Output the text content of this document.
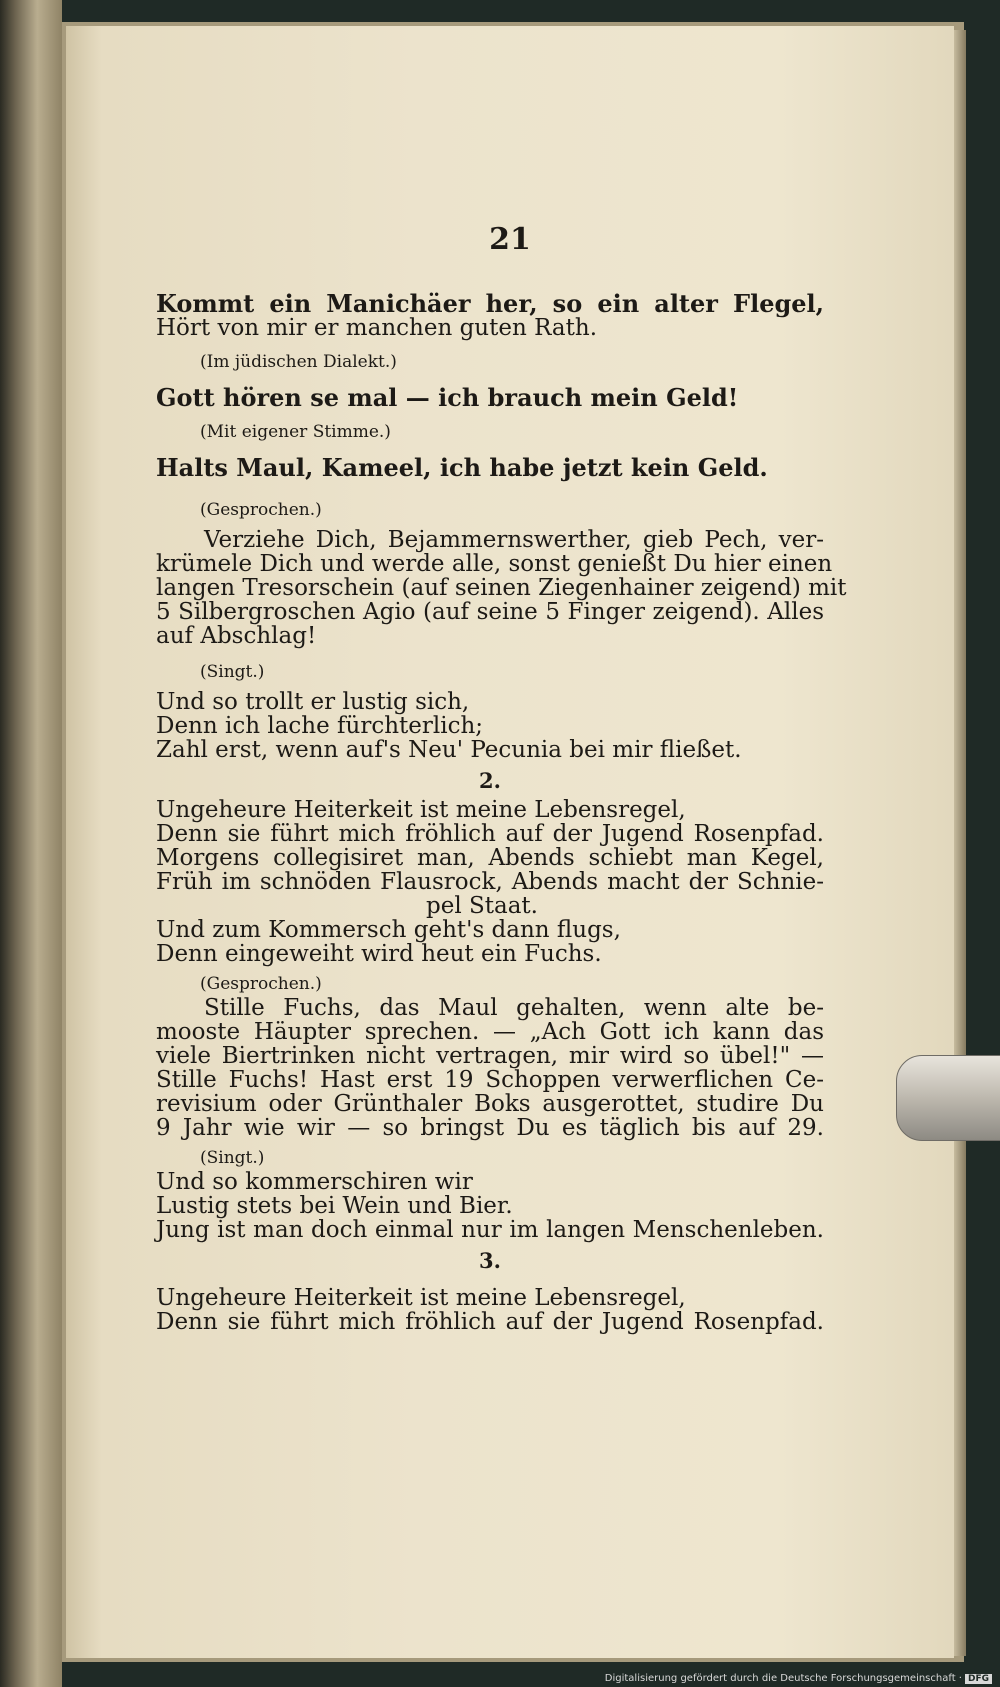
21
Kommt ein Manichäer her, so ein alter Flegel,
Hört von mir er manchen guten Rath.
(Im jüdischen Dialekt.)
Gott hören se mal — ich brauch mein Geld!
(Mit eigener Stimme.)
Halts Maul, Kameel, ich habe jetzt kein Geld.
(Gesprochen.)
Verziehe Dich, Bejammernswerther, gieb Pech, ver-
krümele Dich und werde alle, sonst genießt Du hier einen
langen Tresorschein (auf seinen Ziegenhainer zeigend) mit
5 Silbergroschen Agio (auf seine 5 Finger zeigend). Alles
auf Abschlag!
(Singt.)
Und so trollt er lustig sich,
Denn ich lache fürchterlich;
Zahl erst, wenn auf's Neu' Pecunia bei mir fließet.
2.
Ungeheure Heiterkeit ist meine Lebensregel,
Denn sie führt mich fröhlich auf der Jugend Rosenpfad.
Morgens collegisiret man, Abends schiebt man Kegel,
Früh im schnöden Flausrock, Abends macht der Schnie-
pel Staat.
Und zum Kommersch geht's dann flugs,
Denn eingeweiht wird heut ein Fuchs.
(Gesprochen.)
Stille Fuchs, das Maul gehalten, wenn alte be-
mooste Häupter sprechen. — „Ach Gott ich kann das
viele Biertrinken nicht vertragen, mir wird so übel!" —
Stille Fuchs! Hast erst 19 Schoppen verwerflichen Ce-
revisium oder Grünthaler Boks ausgerottet, studire Du
9 Jahr wie wir — so bringst Du es täglich bis auf 29.
(Singt.)
Und so kommerschiren wir
Lustig stets bei Wein und Bier.
Jung ist man doch einmal nur im langen Menschenleben.
3.
Ungeheure Heiterkeit ist meine Lebensregel,
Denn sie führt mich fröhlich auf der Jugend Rosenpfad.
Digitalisierung gefördert durch die Deutsche Forschungsgemeinschaft · DFG
